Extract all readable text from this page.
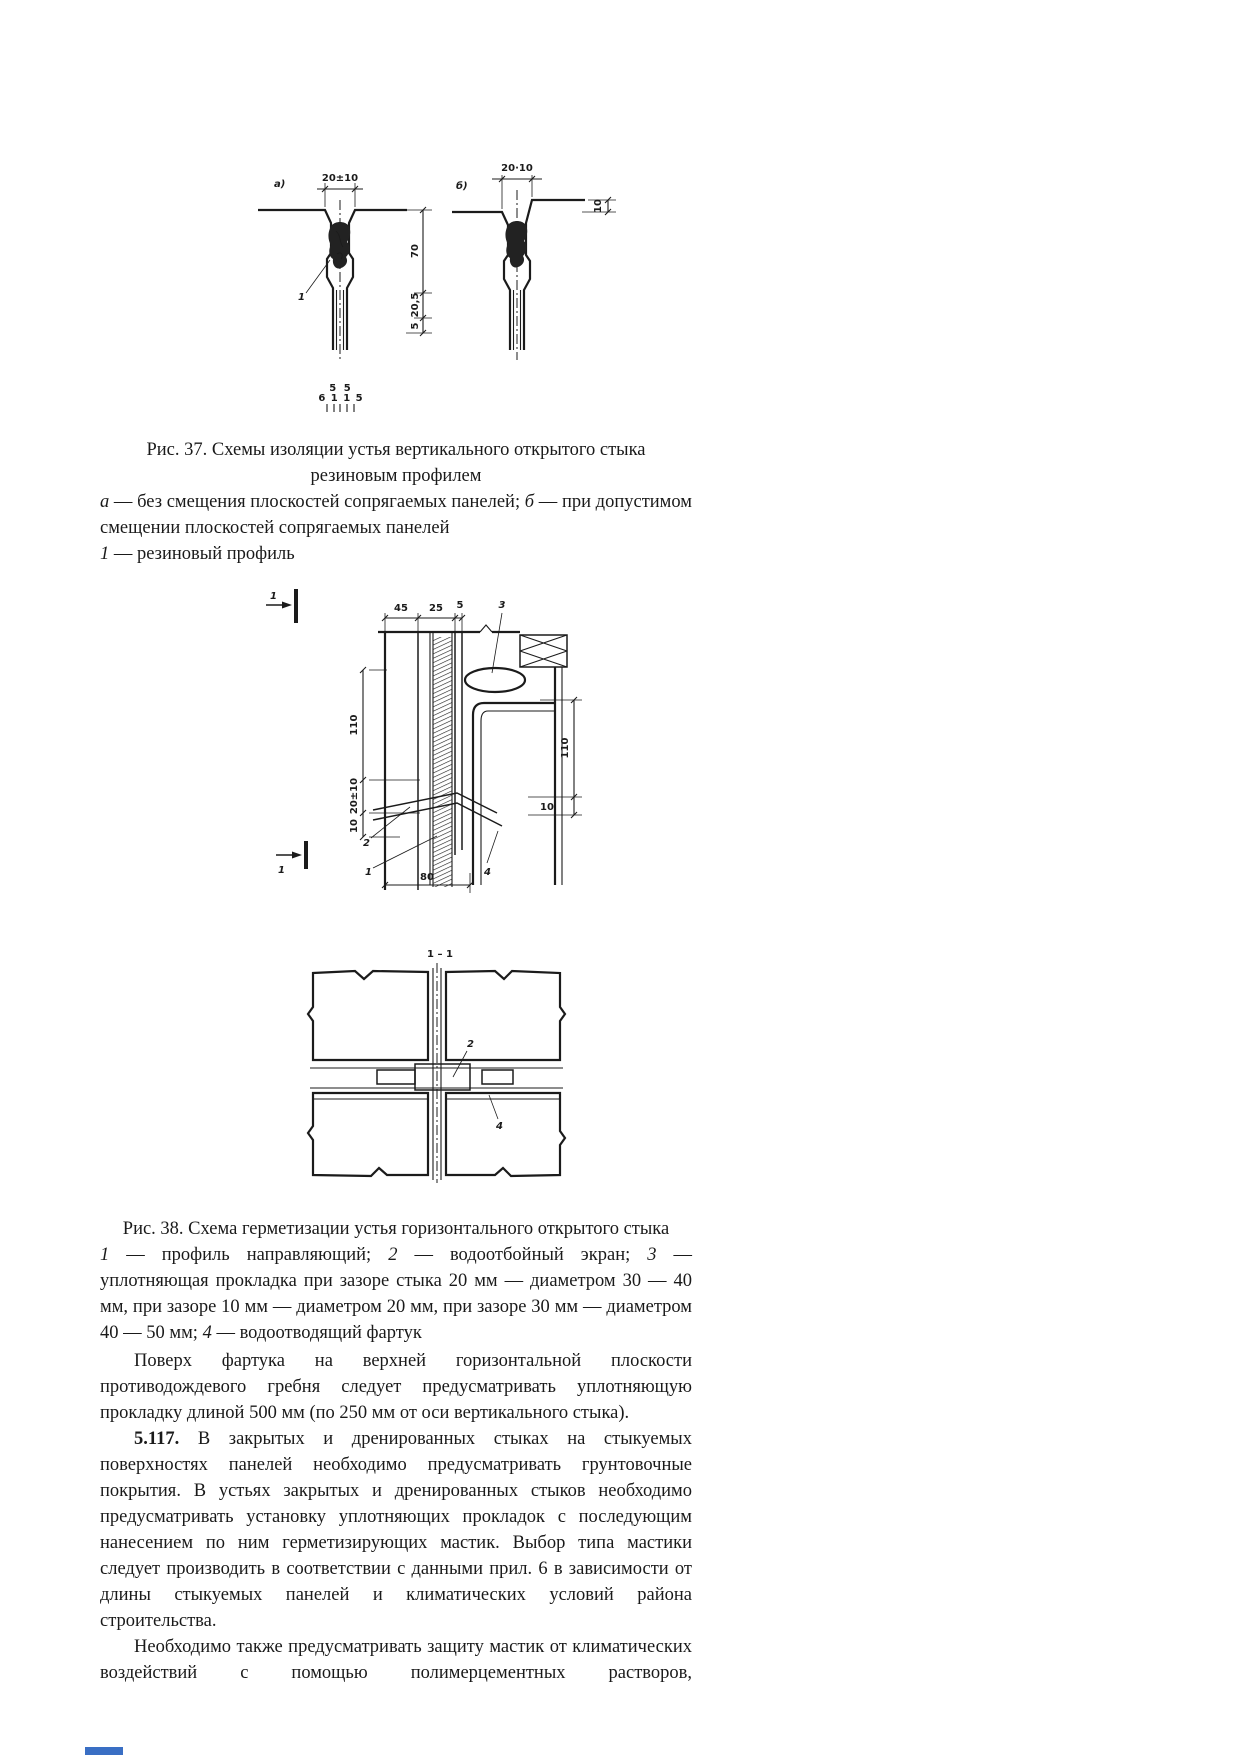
20±10
а)
1
5 5
6 1 1 5
70
20,5
5
20·10
б)
10
Рис. 37. Схемы изоляции устья вертикального открытого стыка
резиновым профилем

а — без смещения плоскостей сопрягаемых панелей; б — при допустимом смещении плоскостей сопрягаемых панелей

1 — резиновый профиль

1
45 25 5	3
110
20±10
10
110
10
80
2
1	4
1
1 – 1
2
4
Рис. 38. Схема герметизации устья горизонтального открытого стыка

1 — профиль направляющий; 2 — водоотбойный экран; 3 — уплотняющая прокладка при зазоре стыка 20 мм — диаметром 30 — 40 мм, при зазоре 10 мм — диаметром 20 мм, при зазоре 30 мм — диаметром 40 — 50 мм; 4 — водоотводящий фартук

Поверх фартука на верхней горизонтальной плоскости противодождевого гребня следует предусматривать уплотняющую прокладку длиной 500 мм (по 250 мм от оси вертикального стыка).

5.117. В закрытых и дренированных стыках на стыкуемых поверхностях панелей необходимо предусматривать грунтовочные покрытия. В устьях закрытых и дренированных стыков необходимо предусматривать установку уплотняющих прокладок с последующим нанесением по ним герметизирующих мастик. Выбор типа мастики следует производить в соответствии с данными прил. 6 в зависимости от длины стыкуемых панелей и климатических условий района строительства.

Необходимо также предусматривать защиту мастик от климатических воздействий с помощью полимерцементных растворов,
